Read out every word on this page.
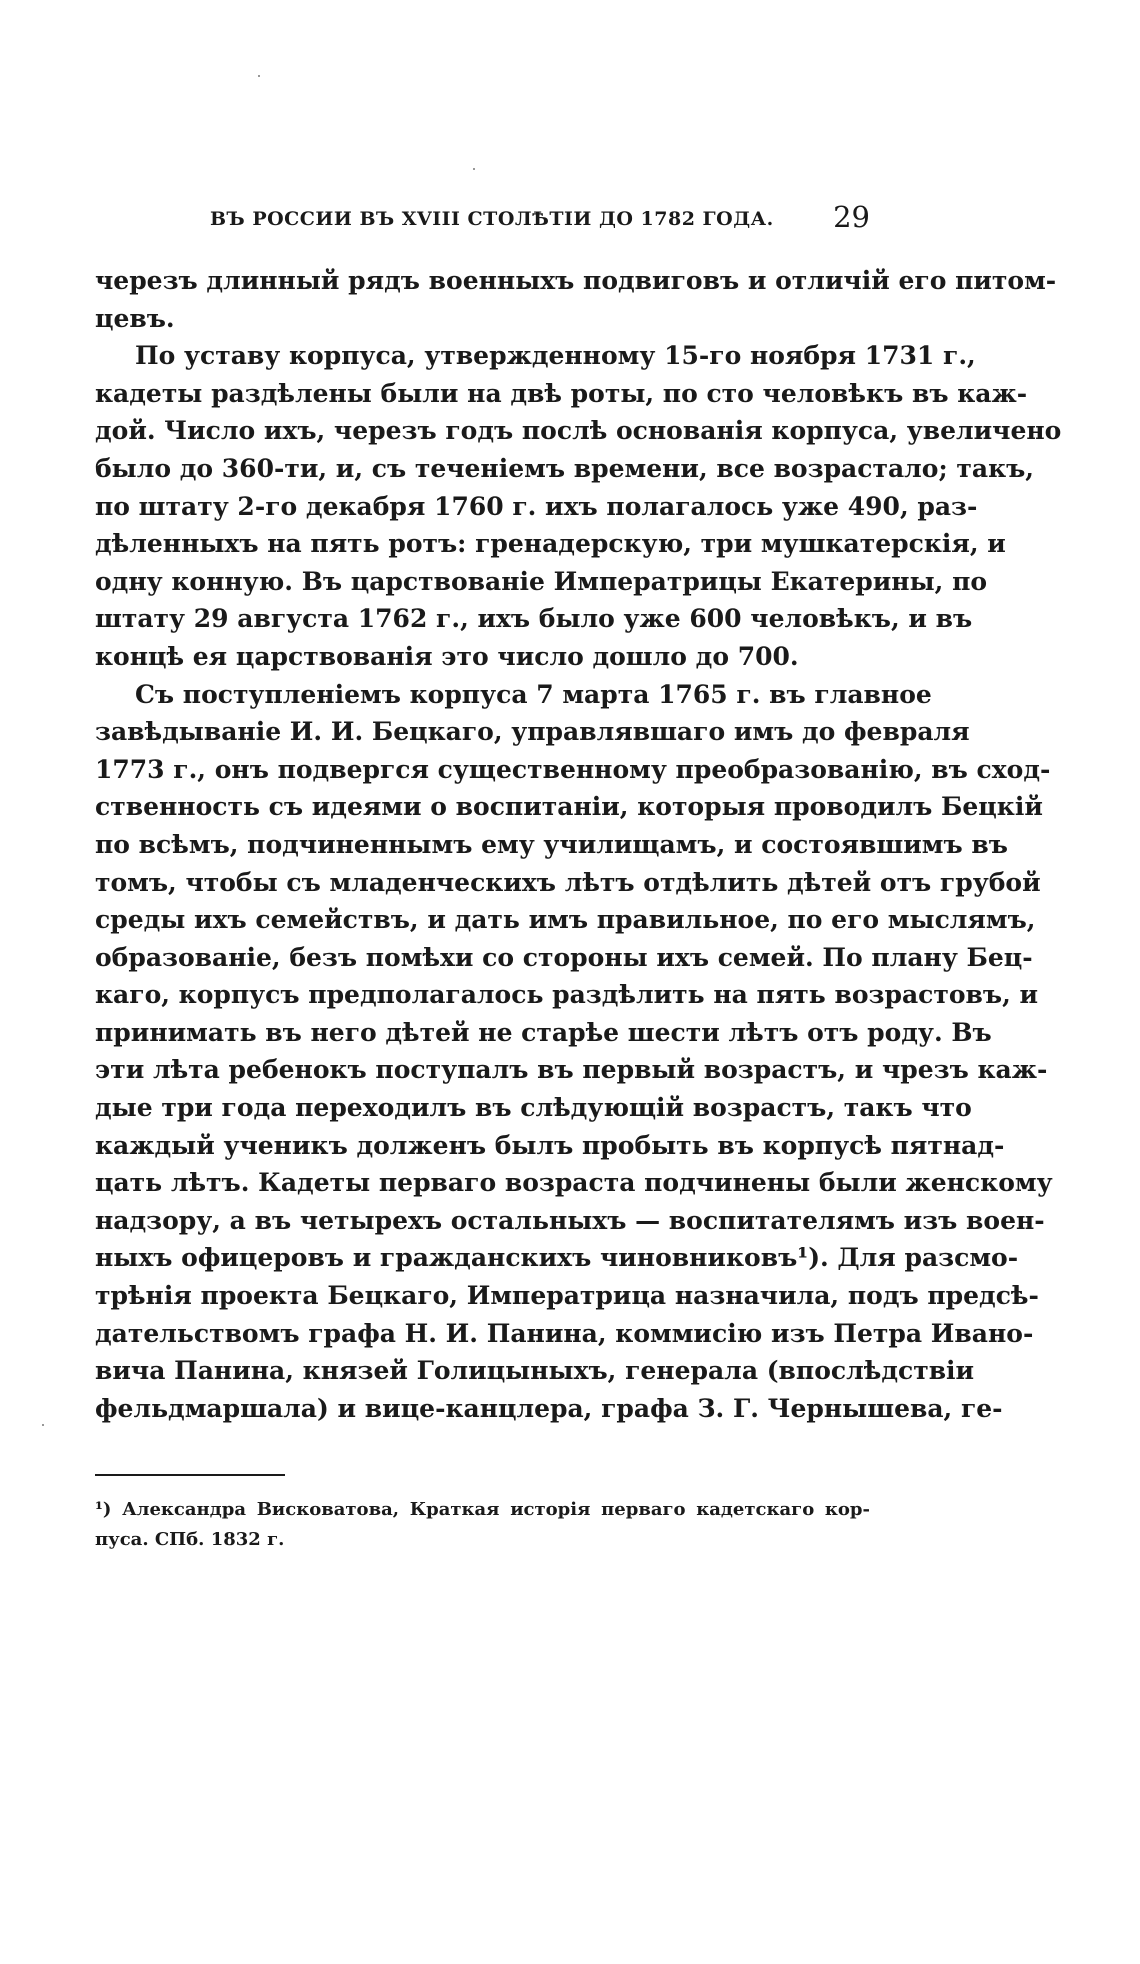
ВЪ РОССИИ ВЪ XVIII СТОЛѢТІИ ДО 1782 ГОДА. 29
черезъ длинный рядъ военныхъ подвиговъ и отличій его питом-
цевъ.
По уставу корпуса, утвержденному 15-го ноября 1731 г.,
кадеты раздѣлены были на двѣ роты, по сто человѣкъ въ каж-
дой. Число ихъ, черезъ годъ послѣ основанія корпуса, увеличено
было до 360-ти, и, съ теченіемъ времени, все возрастало; такъ,
по штату 2-го декабря 1760 г. ихъ полагалось уже 490, раз-
дѣленныхъ на пять ротъ: гренадерскую, три мушкатерскія, и
одну конную. Въ царствованіе Императрицы Екатерины, по
штату 29 августа 1762 г., ихъ было уже 600 человѣкъ, и въ
концѣ ея царствованія это число дошло до 700.
Съ поступленіемъ корпуса 7 марта 1765 г. въ главное
завѣдываніе И. И. Бецкаго, управлявшаго имъ до февраля
1773 г., онъ подвергся существенному преобразованію, въ сход-
ственность съ идеями о воспитаніи, которыя проводилъ Бецкій
по всѣмъ, подчиненнымъ ему училищамъ, и состоявшимъ въ
томъ, чтобы съ младенческихъ лѣтъ отдѣлить дѣтей отъ грубой
среды ихъ семействъ, и дать имъ правильное, по его мыслямъ,
образованіе, безъ помѣхи со стороны ихъ семей. По плану Бец-
каго, корпусъ предполагалось раздѣлить на пять возрастовъ, и
принимать въ него дѣтей не старѣе шести лѣтъ отъ роду. Въ
эти лѣта ребенокъ поступалъ въ первый возрастъ, и чрезъ каж-
дые три года переходилъ въ слѣдующій возрастъ, такъ что
каждый ученикъ долженъ былъ пробыть въ корпусѣ пятнад-
цать лѣтъ. Кадеты перваго возраста подчинены были женскому
надзору, а въ четырехъ остальныхъ — воспитателямъ изъ воен-
ныхъ офицеровъ и гражданскихъ чиновниковъ¹). Для разсмо-
трѣнія проекта Бецкаго, Императрица назначила, подъ предсѣ-
дательствомъ графа Н. И. Панина, коммисію изъ Петра Ивано-
вича Панина, князей Голицыныхъ, генерала (впослѣдствіи
фельдмаршала) и вице-канцлера, графа З. Г. Чернышева, ге-
¹) Александра Висковатова, Краткая исторія перваго кадетскаго кор-
пуса. СПб. 1832 г.
